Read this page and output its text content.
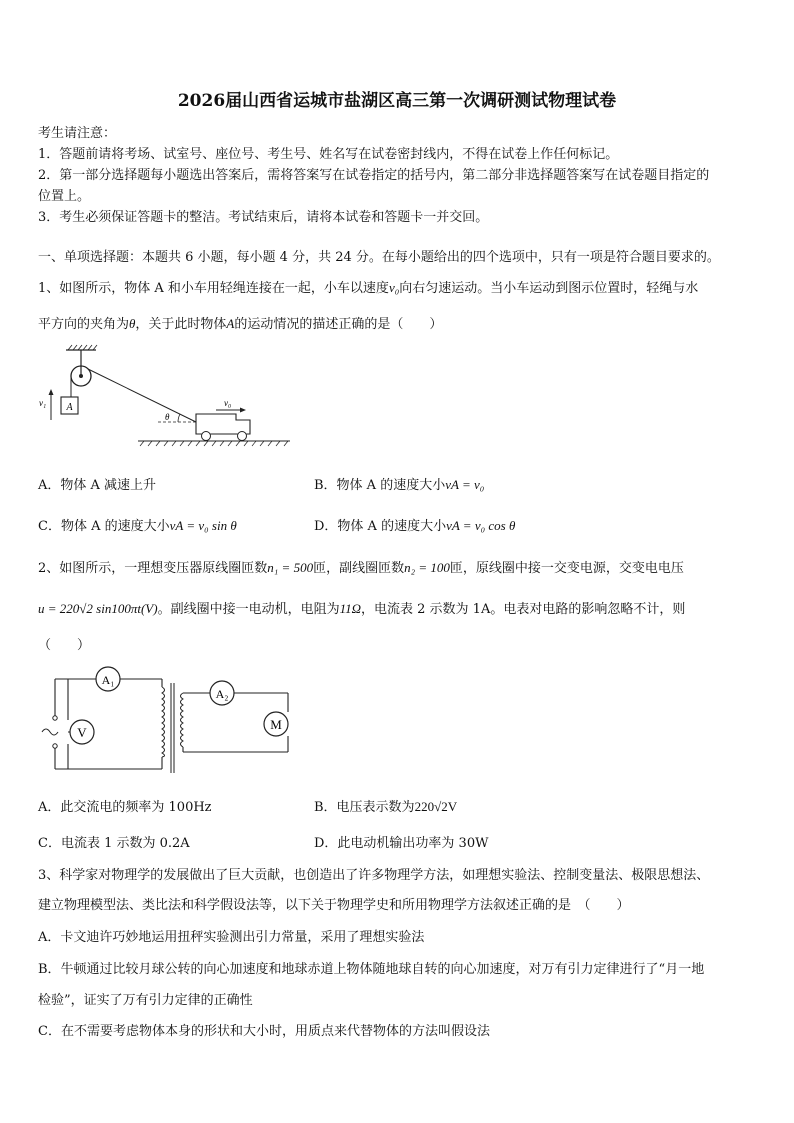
2026届山西省运城市盐湖区高三第一次调研测试物理试卷
考生请注意：
1．答题前请将考场、试室号、座位号、考生号、姓名写在试卷密封线内，不得在试卷上作任何标记。
2．第一部分选择题每小题选出答案后，需将答案写在试卷指定的括号内，第二部分非选择题答案写在试卷题目指定的
位置上。
3．考生必须保证答题卡的整洁。考试结束后，请将本试卷和答题卡一并交回。
一、单项选择题：本题共 6 小题，每小题 4 分，共 24 分。在每小题给出的四个选项中，只有一项是符合题目要求的。
1、如图所示，物体 A 和小车用轻绳连接在一起，小车以速度v₀向右匀速运动。当小车运动到图示位置时，轻绳与水
平方向的夹角为θ，关于此时物体A的运动情况的描述正确的是（　　）
A
v₁
θ
v₀
A．物体 A 减速上升	B．物体 A 的速度大小vA = v₀
C．物体 A 的速度大小vA = v₀ sin θ	D．物体 A 的速度大小vA = v₀ cos θ
2、如图所示，一理想变压器原线圈匝数n₁ = 500匝，副线圈匝数n₂ = 100匝，原线圈中接一交变电源，交变电电压
u = 220√2 sin100πt(V)。副线圈中接一电动机，电阻为11Ω，电流表 2 示数为 1A。电表对电路的影响忽略不计，则
（　　）
V
A₁
A₂
M
A．此交流电的频率为 100Hz	B．电压表示数为220√2V
C．电流表 1 示数为 0.2A	D．此电动机输出功率为 30W
3、科学家对物理学的发展做出了巨大贡献，也创造出了许多物理学方法，如理想实验法、控制变量法、极限思想法、
建立物理模型法、类比法和科学假设法等，以下关于物理学史和所用物理学方法叙述正确的是　（　　）
A．卡文迪许巧妙地运用扭秤实验测出引力常量，采用了理想实验法
B．牛顿通过比较月球公转的向心加速度和地球赤道上物体随地球自转的向心加速度，对万有引力定律进行了“月一地
检验”，证实了万有引力定律的正确性
C．在不需要考虑物体本身的形状和大小时，用质点来代替物体的方法叫假设法
